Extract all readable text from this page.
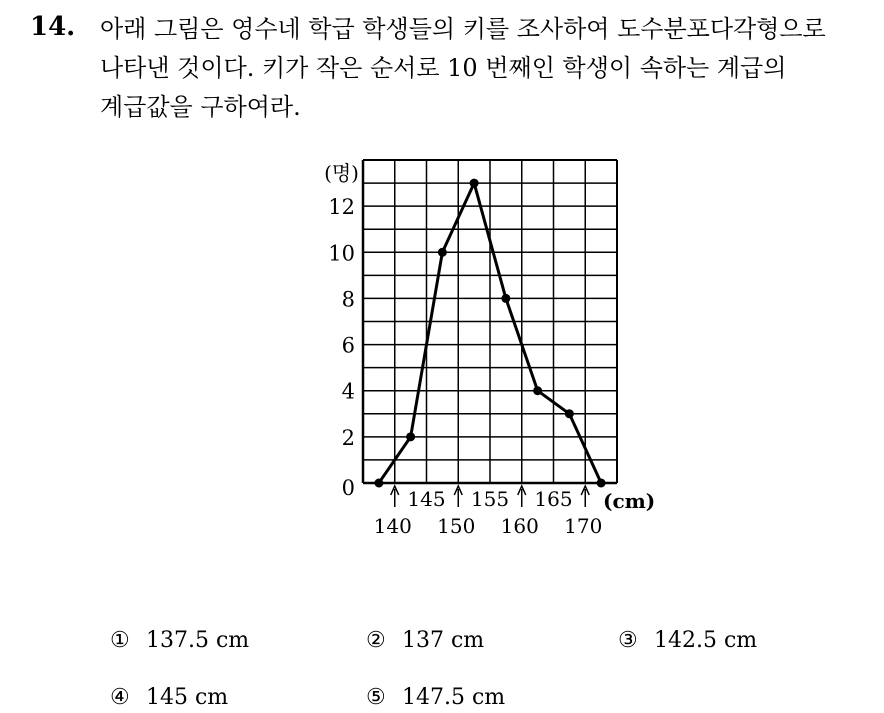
14. 아래 그림은 영수네 학급 학생들의 키를 조사하여 도수분포다각형으로
나타낸 것이다. 키가 작은 순서로 10 번째인 학생이 속하는 계급의
계급값을 구하여라.
(명)
0
2
4
6
8
10
12
145 155 165
140 150 160 170
(cm)
① 137.5 cm	② 137 cm	③ 142.5 cm
④ 145 cm	⑤ 147.5 cm
